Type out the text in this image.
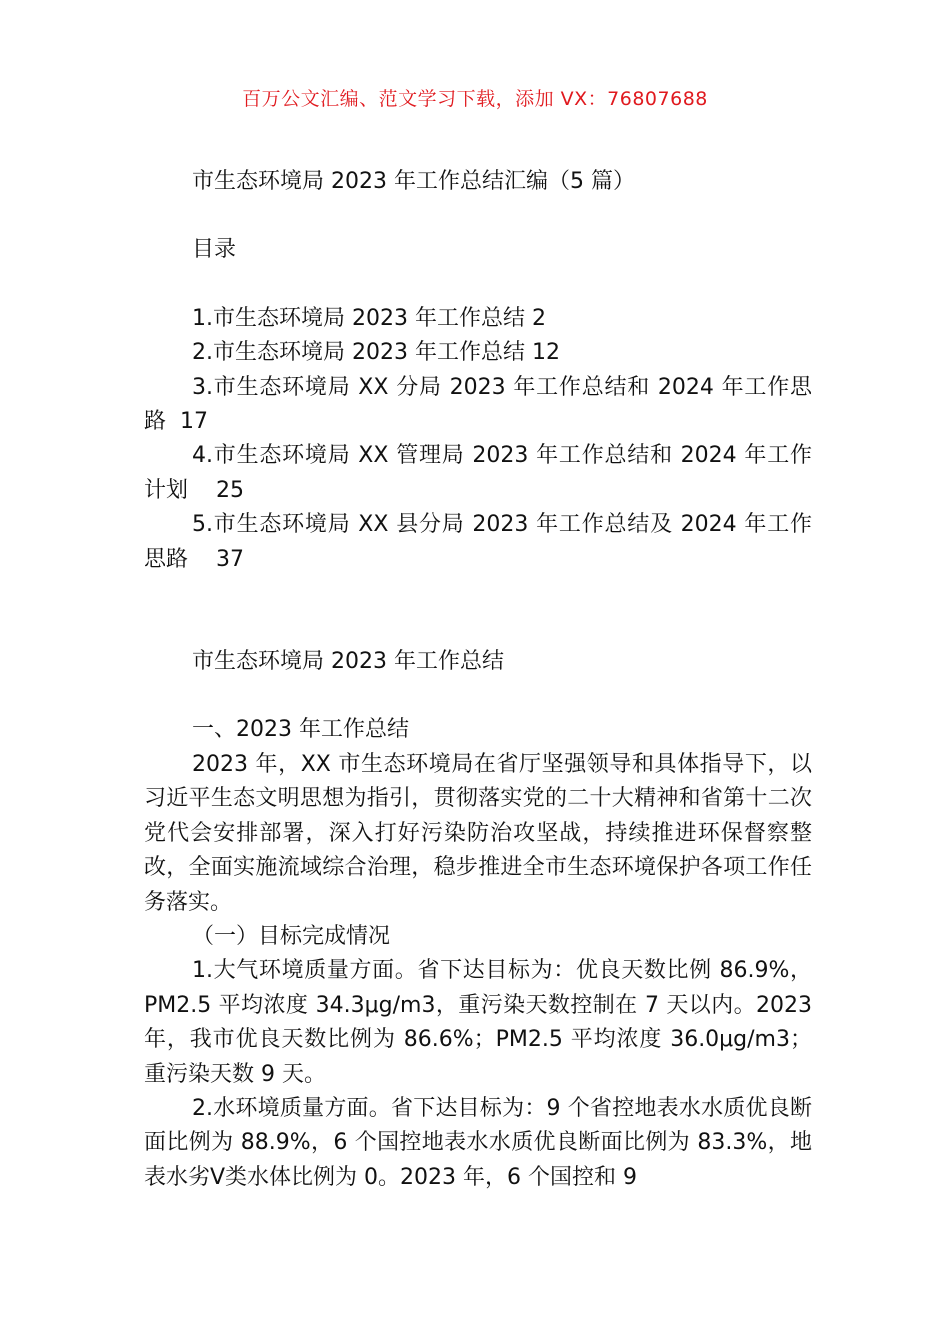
百万公文汇编、范文学习下载，添加 VX：76807688

市生态环境局 2023 年工作总结汇编（5 篇）

目录

1.市生态环境局 2023 年工作总结 2

2.市生态环境局 2023 年工作总结 12

3.市生态环境局 XX 分局 2023 年工作总结和 2024 年工作思路 17

4.市生态环境局 XX 管理局 2023 年工作总结和 2024 年工作计划 25

5.市生态环境局 XX 县分局 2023 年工作总结及 2024 年工作思路 37

市生态环境局 2023 年工作总结

一、2023 年工作总结

2023 年，XX 市生态环境局在省厅坚强领导和具体指导下，以习近平生态文明思想为指引，贯彻落实党的二十大精神和省第十二次党代会安排部署，深入打好污染防治攻坚战，持续推进环保督察整改，全面实施流域综合治理，稳步推进全市生态环境保护各项工作任务落实。

（一）目标完成情况

1.大气环境质量方面。省下达目标为：优良天数比例 86.9%，PM2.5 平均浓度 34.3μg/m3，重污染天数控制在 7 天以内。2023 年，我市优良天数比例为 86.6%；PM2.5 平均浓度 36.0μg/m3；重污染天数 9 天。

2.水环境质量方面。省下达目标为：9 个省控地表水水质优良断面比例为 88.9%，6 个国控地表水水质优良断面比例为 83.3%，地表水劣Ⅴ类水体比例为 0。2023 年，6 个国控和 9
